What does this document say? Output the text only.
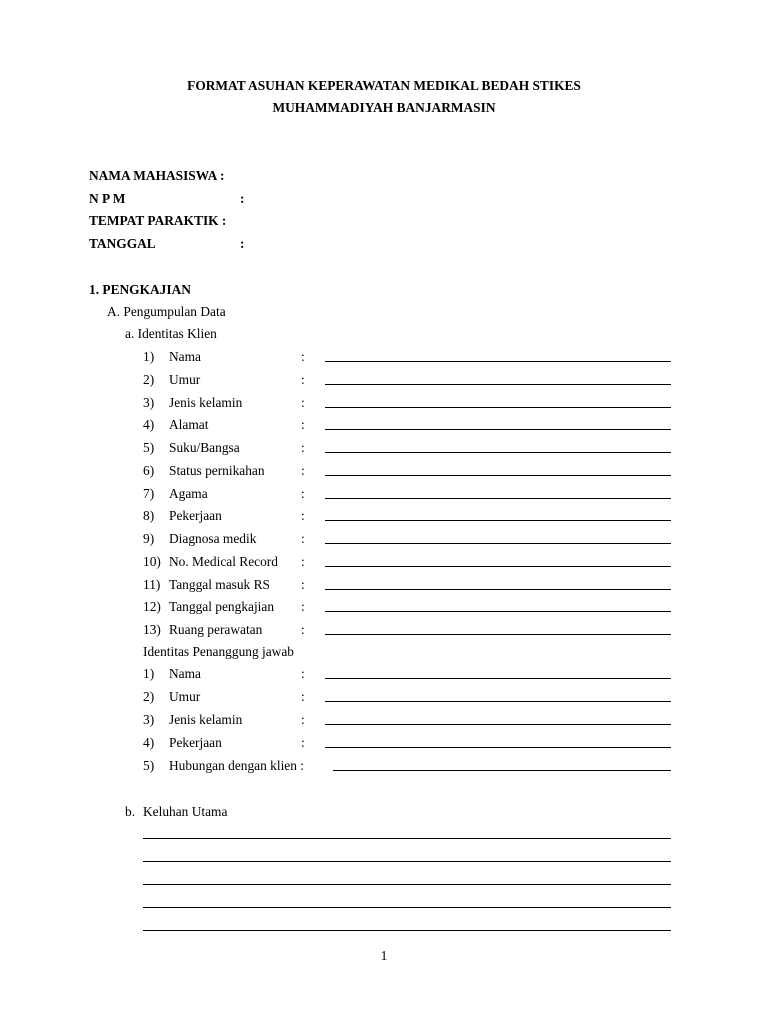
FORMAT ASUHAN KEPERAWATAN MEDIKAL BEDAH STIKES
MUHAMMADIYAH BANJARMASIN
NAMA MAHASISWA :
N P M	:
TEMPAT PARAKTIK :
TANGGAL	:
1. PENGKAJIAN
A. Pengumpulan Data
a. Identitas Klien
1) Nama	:
2) Umur	:
3) Jenis kelamin	:
4) Alamat	:
5) Suku/Bangsa	:
6) Status pernikahan	:
7) Agama	:
8) Pekerjaan	:
9) Diagnosa medik	:
10) No. Medical Record :
11) Tanggal masuk RS :
12) Tanggal pengkajian :
13) Ruang perawatan	:
Identitas Penanggung jawab
1) Nama	:
2) Umur	:
3) Jenis kelamin	:
4) Pekerjaan	:
5) Hubungan dengan klien :
b. Keluhan Utama
1
